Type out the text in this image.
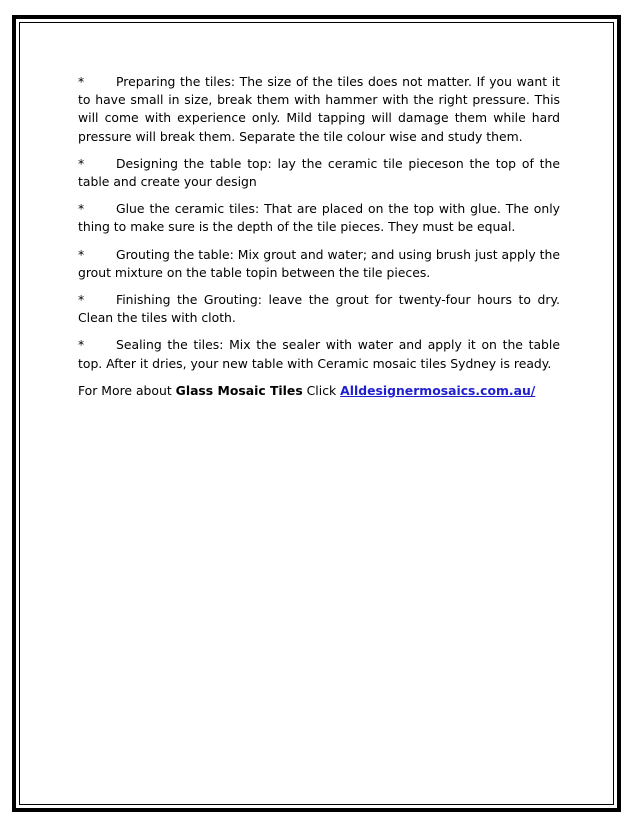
*	Preparing the tiles: The size of the tiles does not matter. If you want it to have small in size, break them with hammer with the right pressure. This will come with experience only. Mild tapping will damage them while hard pressure will break them. Separate the tile colour wise and study them.

*	Designing the table top: lay the ceramic tile pieceson the top of the table and create your design

*	Glue the ceramic tiles: That are placed on the top with glue. The only thing to make sure is the depth of the tile pieces. They must be equal.

*	Grouting the table: Mix grout and water; and using brush just apply the grout mixture on the table topin between the tile pieces.

*	Finishing the Grouting: leave the grout for twenty-four hours to dry. Clean the tiles with cloth.

*	Sealing the tiles: Mix the sealer with water and apply it on the table top. After it dries, your new table with Ceramic mosaic tiles Sydney is ready.

For More about Glass Mosaic Tiles Click Alldesignermosaics.com.au/
